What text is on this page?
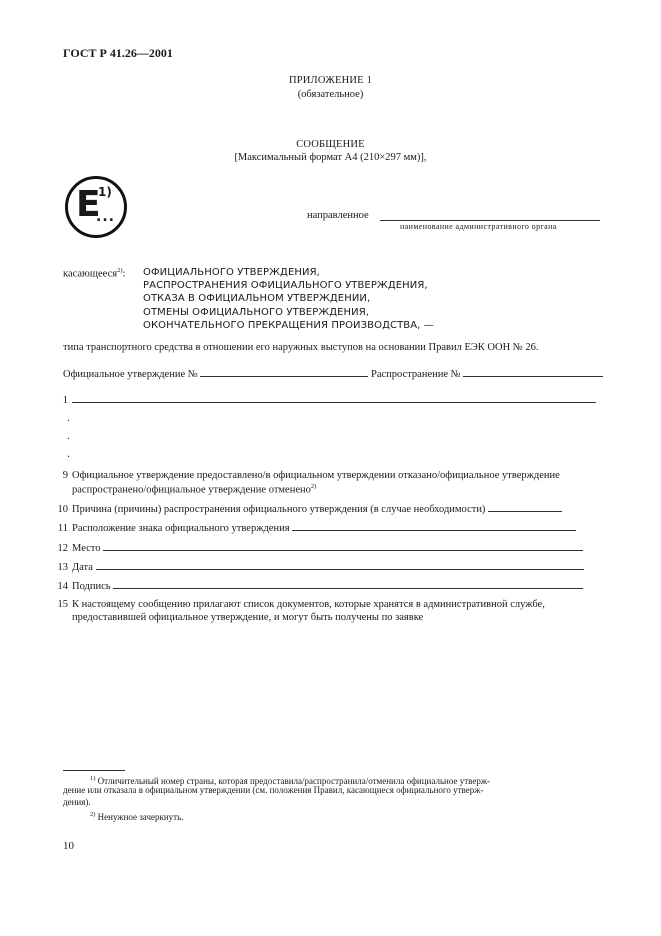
ГОСТ Р 41.26—2001
ПРИЛОЖЕНИЕ 1
(обязательное)
СООБЩЕНИЕ
[Максимальный формат А4 (210×297 мм)],
E
1)
...	направленное
наименование административного органа
касающееся$^{2)}$: ОФИЦИАЛЬНОГО УТВЕРЖДЕНИЯ,
РАСПРОСТРАНЕНИЯ ОФИЦИАЛЬНОГО УТВЕРЖДЕНИЯ,
ОТКАЗА В ОФИЦИАЛЬНОМ УТВЕРЖДЕНИИ,
ОТМЕНЫ ОФИЦИАЛЬНОГО УТВЕРЖДЕНИЯ,
ОКОНЧАТЕЛЬНОГО ПРЕКРАЩЕНИЯ ПРОИЗВОДСТВА, —
типа транспортного средства в отношении его наружных выступов на основании Правил ЕЭК ООН № 26.
Официальное утверждение №	Распространение №
1
.
.
.
9 Официальное утверждение предоставлено/в официальном утверждении отказано/официальное утверждение
распространено/официальное утверждение отменено$^{2)}$
10 Причина (причины) распространения официального утверждения (в случае необходимости)
11 Расположение знака официального утверждения
12 Место
13 Дата
14 Подпись
15 К настоящему сообщению прилагают список документов, которые хранятся в административной службе,
предоставившей официальное утверждение, и могут быть получены по заявке
$^{1)}$ Отличительный номер страны, которая предоставила/распространила/отменила официальное утверж-
дение или отказала в официальном утверждении (см. положения Правил, касающиеся официального утверж-
дения).
$^{2)}$ Ненужное зачеркнуть.
10
